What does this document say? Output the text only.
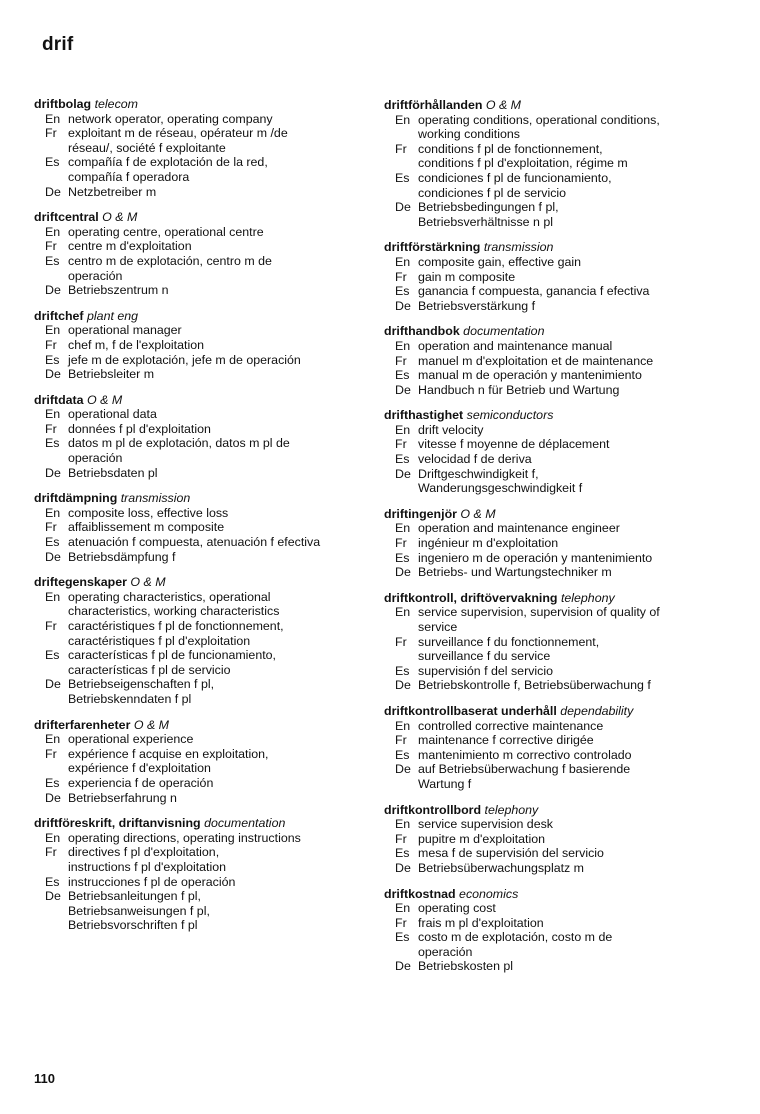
drif
driftbolag telecom
En network operator, operating company
Fr exploitant m de réseau, opérateur m /de
réseau/, société f exploitante
Es compañía f de explotación de la red,
compañía f operadora
De Netzbetreiber m
driftcentral O & M
En operating centre, operational centre
Fr centre m d'exploitation
Es centro m de explotación, centro m de
operación
De Betriebszentrum n
driftchef plant eng
En operational manager
Fr chef m, f de l'exploitation
Es jefe m de explotación, jefe m de operación
De Betriebsleiter m
driftdata O & M
En operational data
Fr données f pl d'exploitation
Es datos m pl de explotación, datos m pl de
operación
De Betriebsdaten pl
driftdämpning transmission
En composite loss, effective loss
Fr affaiblissement m composite
Es atenuación f compuesta, atenuación f efectiva
De Betriebsdämpfung f
driftegenskaper O & M
En operating characteristics, operational
characteristics, working characteristics
Fr caractéristiques f pl de fonctionnement,
caractéristiques f pl d'exploitation
Es características f pl de funcionamiento,
características f pl de servicio
De Betriebseigenschaften f pl,
Betriebskenndaten f pl
drifterfarenheter O & M
En operational experience
Fr expérience f acquise en exploitation,
expérience f d'exploitation
Es experiencia f de operación
De Betriebserfahrung n
driftföreskrift, driftanvisning documentation
En operating directions, operating instructions
Fr directives f pl d'exploitation,
instructions f pl d'exploitation
Es instrucciones f pl de operación
De Betriebsanleitungen f pl,
Betriebsanweisungen f pl,
Betriebsvorschriften f pl
driftförhållanden O & M
En operating conditions, operational conditions,
working conditions
Fr conditions f pl de fonctionnement,
conditions f pl d'exploitation, régime m
Es condiciones f pl de funcionamiento,
condiciones f pl de servicio
De Betriebsbedingungen f pl,
Betriebsverhältnisse n pl
driftförstärkning transmission
En composite gain, effective gain
Fr gain m composite
Es ganancia f compuesta, ganancia f efectiva
De Betriebsverstärkung f
drifthandbok documentation
En operation and maintenance manual
Fr manuel m d'exploitation et de maintenance
Es manual m de operación y mantenimiento
De Handbuch n für Betrieb und Wartung
drifthastighet semiconductors
En drift velocity
Fr vitesse f moyenne de déplacement
Es velocidad f de deriva
De Driftgeschwindigkeit f,
Wanderungsgeschwindigkeit f
driftingenjör O & M
En operation and maintenance engineer
Fr ingénieur m d'exploitation
Es ingeniero m de operación y mantenimiento
De Betriebs- und Wartungstechniker m
driftkontroll, driftövervakning telephony
En service supervision, supervision of quality of
service
Fr surveillance f du fonctionnement,
surveillance f du service
Es supervisión f del servicio
De Betriebskontrolle f, Betriebsüberwachung f
driftkontrollbaserat underhåll dependability
En controlled corrective maintenance
Fr maintenance f corrective dirigée
Es mantenimiento m correctivo controlado
De auf Betriebsüberwachung f basierende
Wartung f
driftkontrollbord telephony
En service supervision desk
Fr pupitre m d'exploitation
Es mesa f de supervisión del servicio
De Betriebsüberwachungsplatz m
driftkostnad economics
En operating cost
Fr frais m pl d'exploitation
Es costo m de explotación, costo m de
operación
De Betriebskosten pl
110
